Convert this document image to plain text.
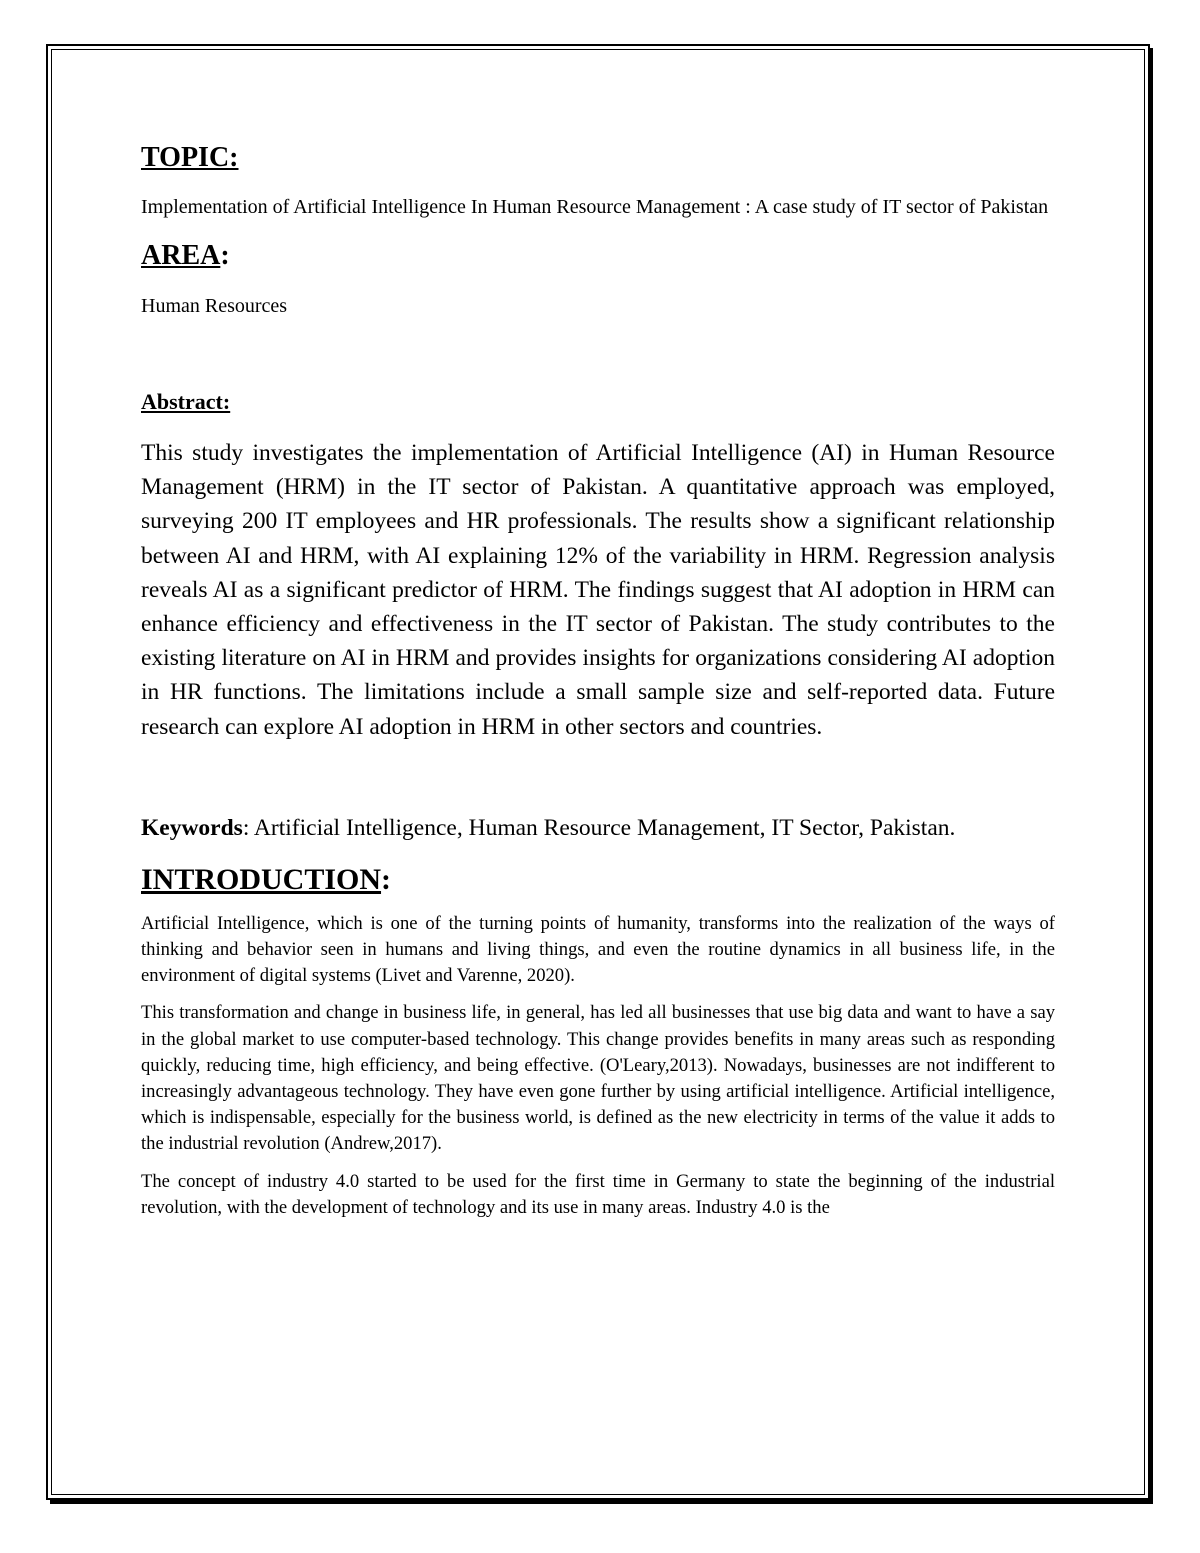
TOPIC:

Implementation of Artificial Intelligence In Human Resource Management : A case study of IT sector of Pakistan

AREA:

Human Resources

Abstract:

This study investigates the implementation of Artificial Intelligence (AI) in Human Resource Management (HRM) in the IT sector of Pakistan. A quantitative approach was employed, surveying 200 IT employees and HR professionals. The results show a significant relationship between AI and HRM, with AI explaining 12% of the variability in HRM. Regression analysis reveals AI as a significant predictor of HRM. The findings suggest that AI adoption in HRM can enhance efficiency and effectiveness in the IT sector of Pakistan. The study contributes to the existing literature on AI in HRM and provides insights for organizations considering AI adoption in HR functions. The limitations include a small sample size and self-reported data. Future research can explore AI adoption in HRM in other sectors and countries.

Keywords: Artificial Intelligence, Human Resource Management, IT Sector, Pakistan.

INTRODUCTION:

Artificial Intelligence, which is one of the turning points of humanity, transforms into the realization of the ways of thinking and behavior seen in humans and living things, and even the routine dynamics in all business life, in the environment of digital systems (Livet and Varenne, 2020).

This transformation and change in business life, in general, has led all businesses that use big data and want to have a say in the global market to use computer-based technology. This change provides benefits in many areas such as responding quickly, reducing time, high efficiency, and being effective. (O'Leary,2013). Nowadays, businesses are not indifferent to increasingly advantageous technology. They have even gone further by using artificial intelligence. Artificial intelligence, which is indispensable, especially for the business world, is defined as the new electricity in terms of the value it adds to the industrial revolution (Andrew,2017).

The concept of industry 4.0 started to be used for the first time in Germany to state the beginning of the industrial revolution, with the development of technology and its use in many areas. Industry 4.0 is the
